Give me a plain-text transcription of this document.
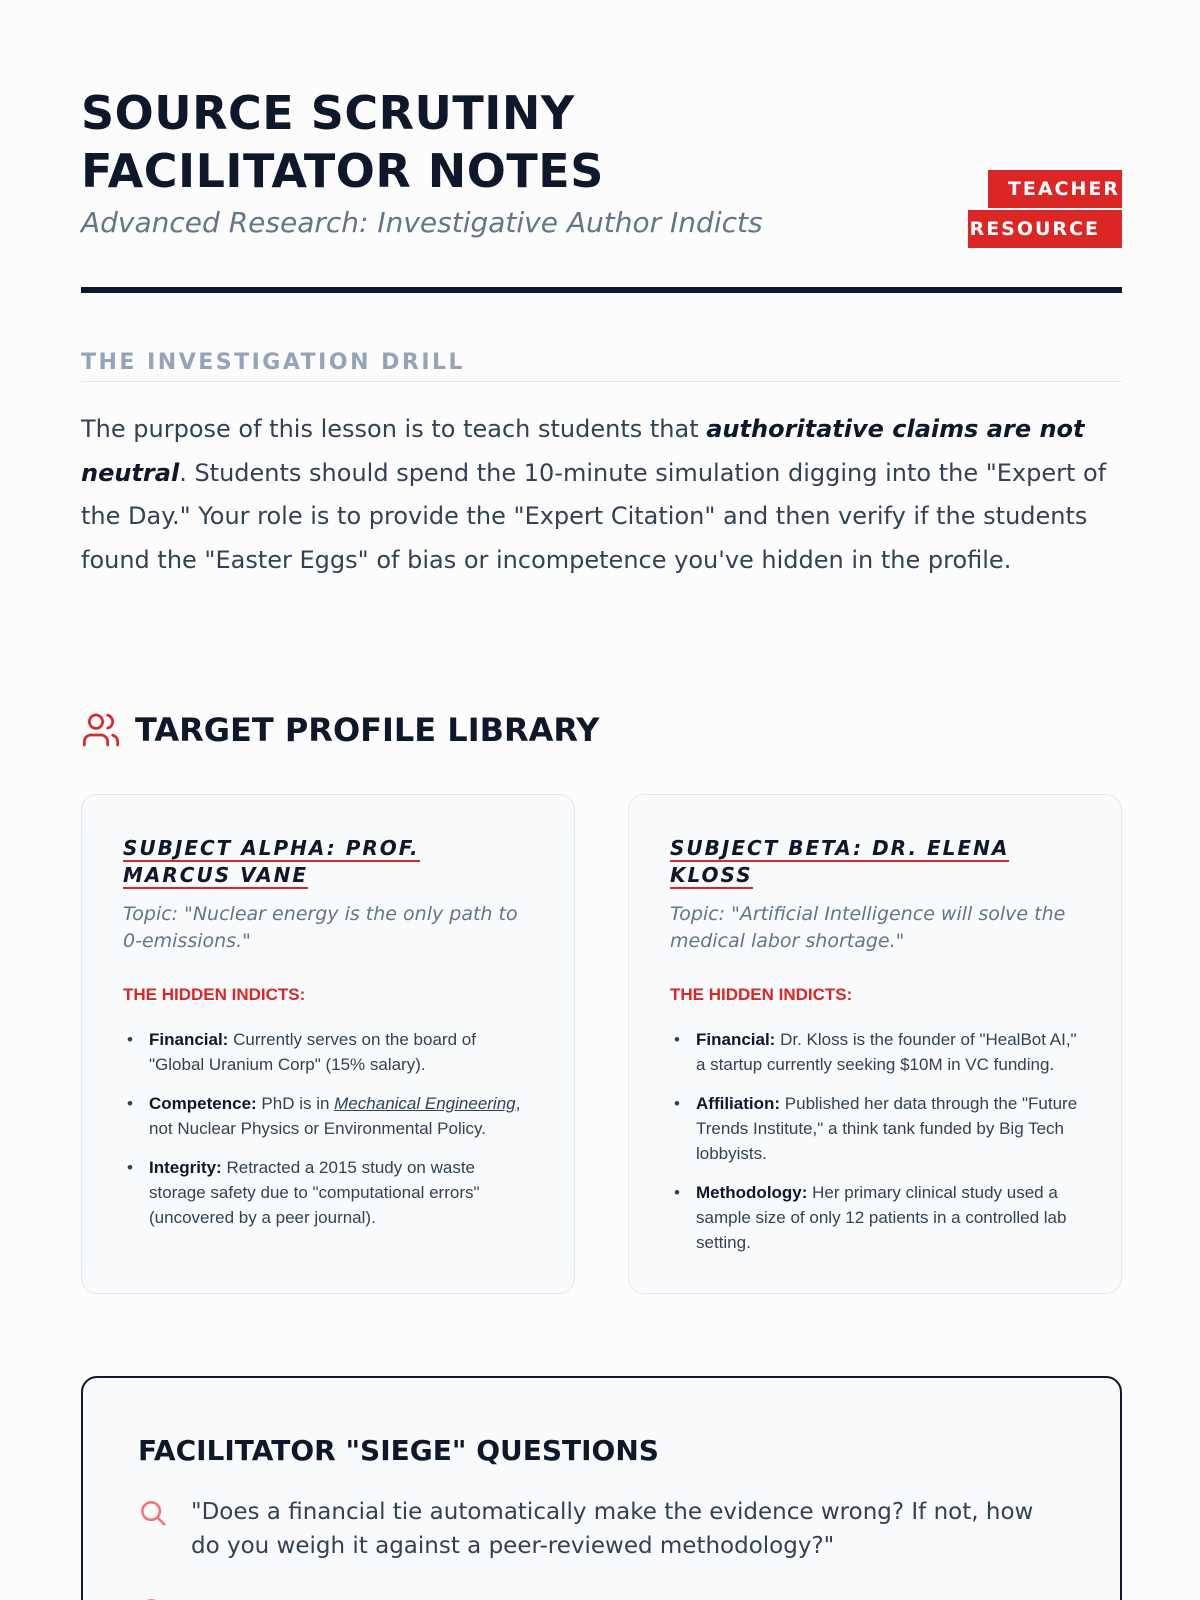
SOURCE SCRUTINY
FACILITATOR NOTES
Advanced Research: Investigative Author Indicts
TEACHER
RESOURCE
THE INVESTIGATION DRILL

The purpose of this lesson is to teach students that authoritative claims are not neutral. Students should spend the 10-minute simulation digging into the "Expert of the Day." Your role is to provide the "Expert Citation" and then verify if the students found the "Easter Eggs" of bias or incompetence you've hidden in the profile.

TARGET PROFILE LIBRARY
SUBJECT ALPHA: PROF. MARCUS VANE
Topic: "Nuclear energy is the only path to 0-emissions."
THE HIDDEN INDICTS:
• Financial: Currently serves on the board of "Global Uranium Corp" (15% salary).
• Competence: PhD is in Mechanical Engineering, not Nuclear Physics or Environmental Policy.
• Integrity: Retracted a 2015 study on waste storage safety due to "computational errors" (uncovered by a peer journal).
SUBJECT BETA: DR. ELENA KLOSS
Topic: "Artificial Intelligence will solve the medical labor shortage."
THE HIDDEN INDICTS:
• Financial: Dr. Kloss is the founder of "HealBot AI," a startup currently seeking $10M in VC funding.
• Affiliation: Published her data through the "Future Trends Institute," a think tank funded by Big Tech lobbyists.
• Methodology: Her primary clinical study used a sample size of only 12 patients in a controlled lab setting.
FACILITATOR "SIEGE" QUESTIONS
"Does a financial tie automatically make the evidence wrong? If not, how do you weigh it against a peer-reviewed methodology?"
